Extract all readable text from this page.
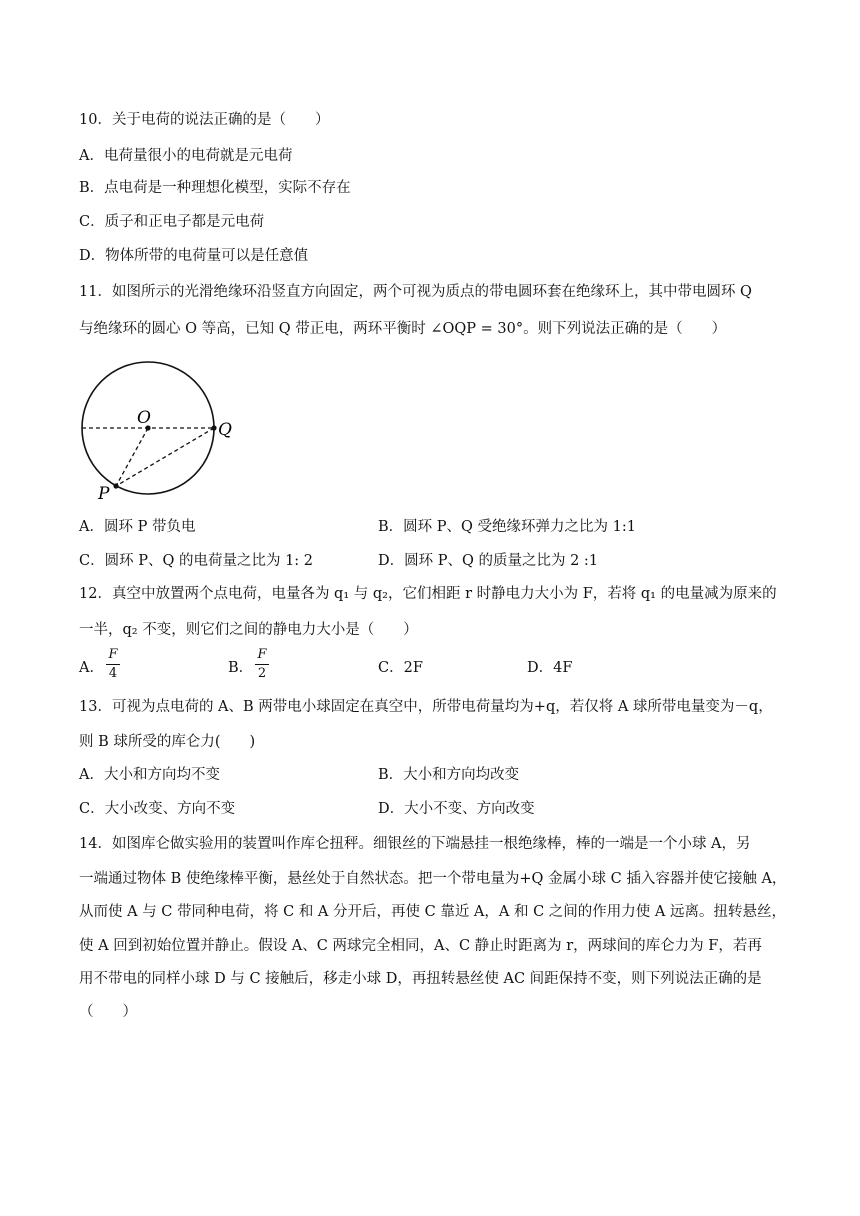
10．关于电荷的说法正确的是（　　）
A．电荷量很小的电荷就是元电荷
B．点电荷是一种理想化模型，实际不存在
C．质子和正电子都是元电荷
D．物体所带的电荷量可以是任意值
11．如图所示的光滑绝缘环沿竖直方向固定，两个可视为质点的带电圆环套在绝缘环上，其中带电圆环 Q
与绝缘环的圆心 O 等高，已知 Q 带正电，两环平衡时 ∠OQP = 30°。则下列说法正确的是（　　）
O
Q
P
A．圆环 P 带负电	B．圆环 P、Q 受绝缘环弹力之比为 1:1
C．圆环 P、Q 的电荷量之比为 1: 2	D．圆环 P、Q 的质量之比为 2 :1
12．真空中放置两个点电荷，电量各为 q₁ 与 q₂，它们相距 r 时静电力大小为 F，若将 q₁ 的电量减为原来的
一半，q₂ 不变，则它们之间的静电力大小是（　　）
A．
F
4	B．
F
2	C．2F	D．4F
13．可视为点电荷的 A、B 两带电小球固定在真空中，所带电荷量均为+q，若仅将 A 球所带电量变为－q，
则 B 球所受的库仑力(　　)
A．大小和方向均不变	B．大小和方向均改变
C．大小改变、方向不变	D．大小不变、方向改变
14．如图库仑做实验用的装置叫作库仑扭秤。细银丝的下端悬挂一根绝缘棒，棒的一端是一个小球 A，另
一端通过物体 B 使绝缘棒平衡，悬丝处于自然状态。把一个带电量为+Q 金属小球 C 插入容器并使它接触 A，
从而使 A 与 C 带同种电荷，将 C 和 A 分开后，再使 C 靠近 A，A 和 C 之间的作用力使 A 远离。扭转悬丝，
使 A 回到初始位置并静止。假设 A、C 两球完全相同，A、C 静止时距离为 r，两球间的库仑力为 F，若再
用不带电的同样小球 D 与 C 接触后，移走小球 D，再扭转悬丝使 AC 间距保持不变，则下列说法正确的是
（　　）
